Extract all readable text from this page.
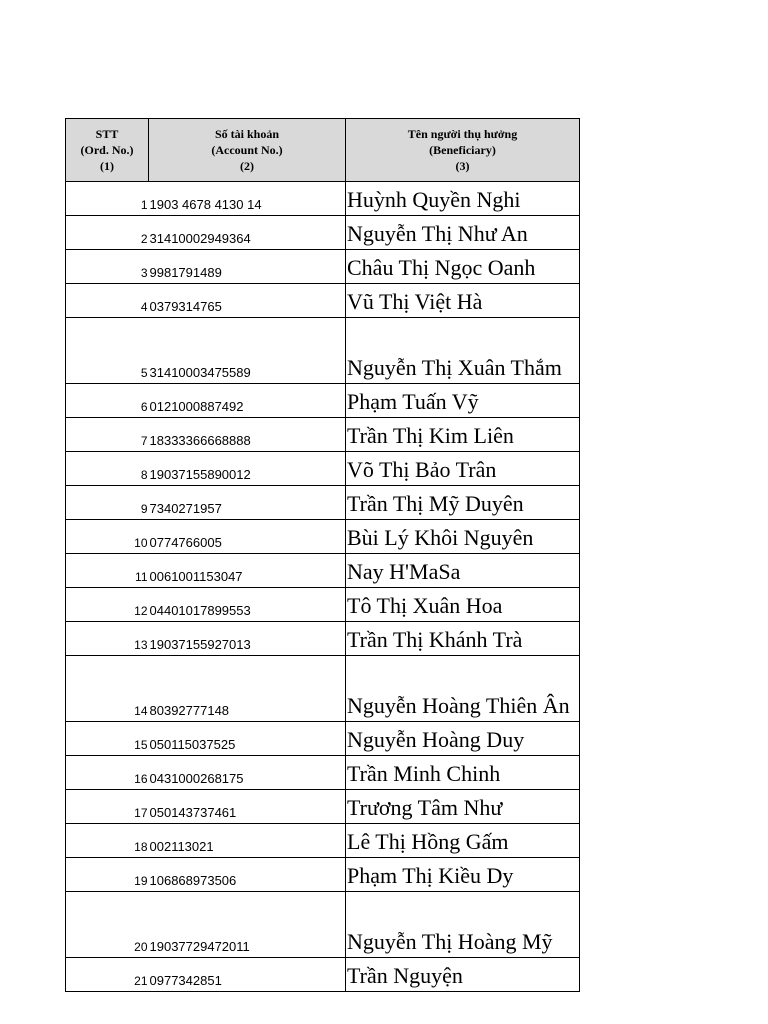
STT
(Ord. No.)
(1)	Số tài khoản
(Account No.)
(2)	Tên người thụ hưởng
(Beneficiary)
(3)

1	1903 4678 4130 14	Huỳnh Quyền Nghi
2	31410002949364	Nguyễn Thị Như An
3	9981791489	Châu Thị Ngọc Oanh
4	0379314765	Vũ Thị Việt Hà
5	31410003475589	Nguyễn Thị Xuân Thắm
6	0121000887492	Phạm Tuấn Vỹ
7	18333366668888	Trần Thị Kim Liên
8	19037155890012	Võ Thị Bảo Trân
9	7340271957	Trần Thị Mỹ Duyên
10	0774766005	Bùi Lý Khôi Nguyên
11	0061001153047	Nay H'MaSa
12	04401017899553	Tô Thị Xuân Hoa
13	19037155927013	Trần Thị Khánh Trà
14	80392777148	Nguyễn Hoàng Thiên Ân
15	050115037525	Nguyễn Hoàng Duy
16	0431000268175	Trần Minh Chinh
17	050143737461	Trương Tâm Như
18	002113021	Lê Thị Hồng Gấm
19	106868973506	Phạm Thị Kiều Dy
20	19037729472011	Nguyễn Thị Hoàng Mỹ
21	0977342851	Trần Nguyện
